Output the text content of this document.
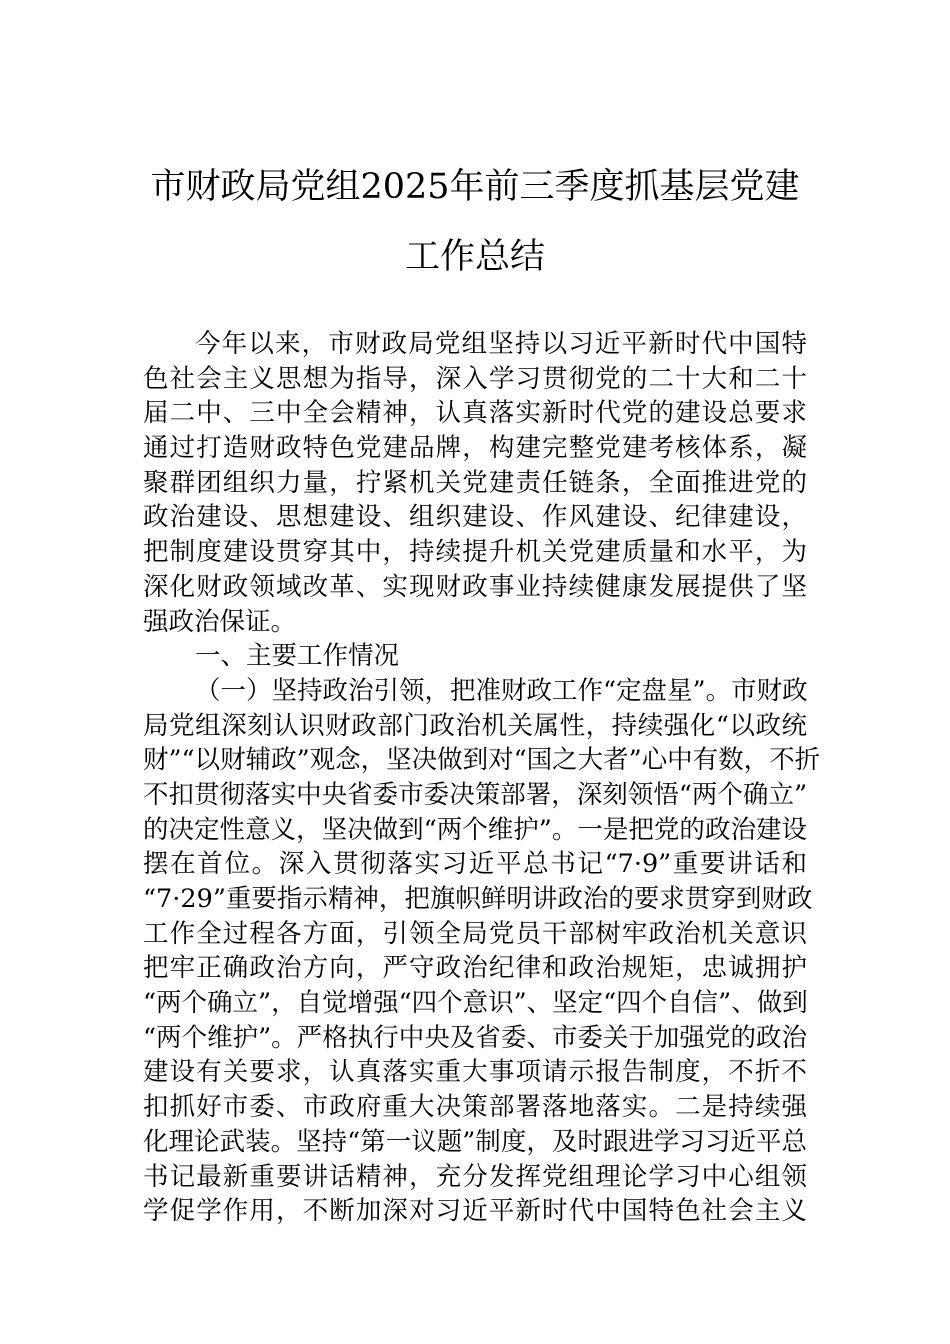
市财政局党组2025年前三季度抓基层党建
工作总结
今年以来，市财政局党组坚持以习近平新时代中国特
色社会主义思想为指导，深入学习贯彻党的二十大和二十
届二中、三中全会精神，认真落实新时代党的建设总要求
通过打造财政特色党建品牌，构建完整党建考核体系，凝
聚群团组织力量，拧紧机关党建责任链条，全面推进党的
政治建设、思想建设、组织建设、作风建设、纪律建设，
把制度建设贯穿其中，持续提升机关党建质量和水平，为
深化财政领域改革、实现财政事业持续健康发展提供了坚
强政治保证。
一、主要工作情况
（一）坚持政治引领，把准财政工作“定盘星”。市财政
局党组深刻认识财政部门政治机关属性，持续强化“以政统
财”“以财辅政”观念，坚决做到对“国之大者”心中有数，不折
不扣贯彻落实中央省委市委决策部署，深刻领悟“两个确立”
的决定性意义，坚决做到“两个维护”。一是把党的政治建设
摆在首位。深入贯彻落实习近平总书记“7·9”重要讲话和
“7·29”重要指示精神，把旗帜鲜明讲政治的要求贯穿到财政
工作全过程各方面，引领全局党员干部树牢政治机关意识
把牢正确政治方向，严守政治纪律和政治规矩，忠诚拥护
“两个确立”，自觉增强“四个意识”、坚定“四个自信”、做到
“两个维护”。严格执行中央及省委、市委关于加强党的政治
建设有关要求，认真落实重大事项请示报告制度，不折不
扣抓好市委、市政府重大决策部署落地落实。二是持续强
化理论武装。坚持“第一议题”制度，及时跟进学习习近平总
书记最新重要讲话精神，充分发挥党组理论学习中心组领
学促学作用，不断加深对习近平新时代中国特色社会主义
